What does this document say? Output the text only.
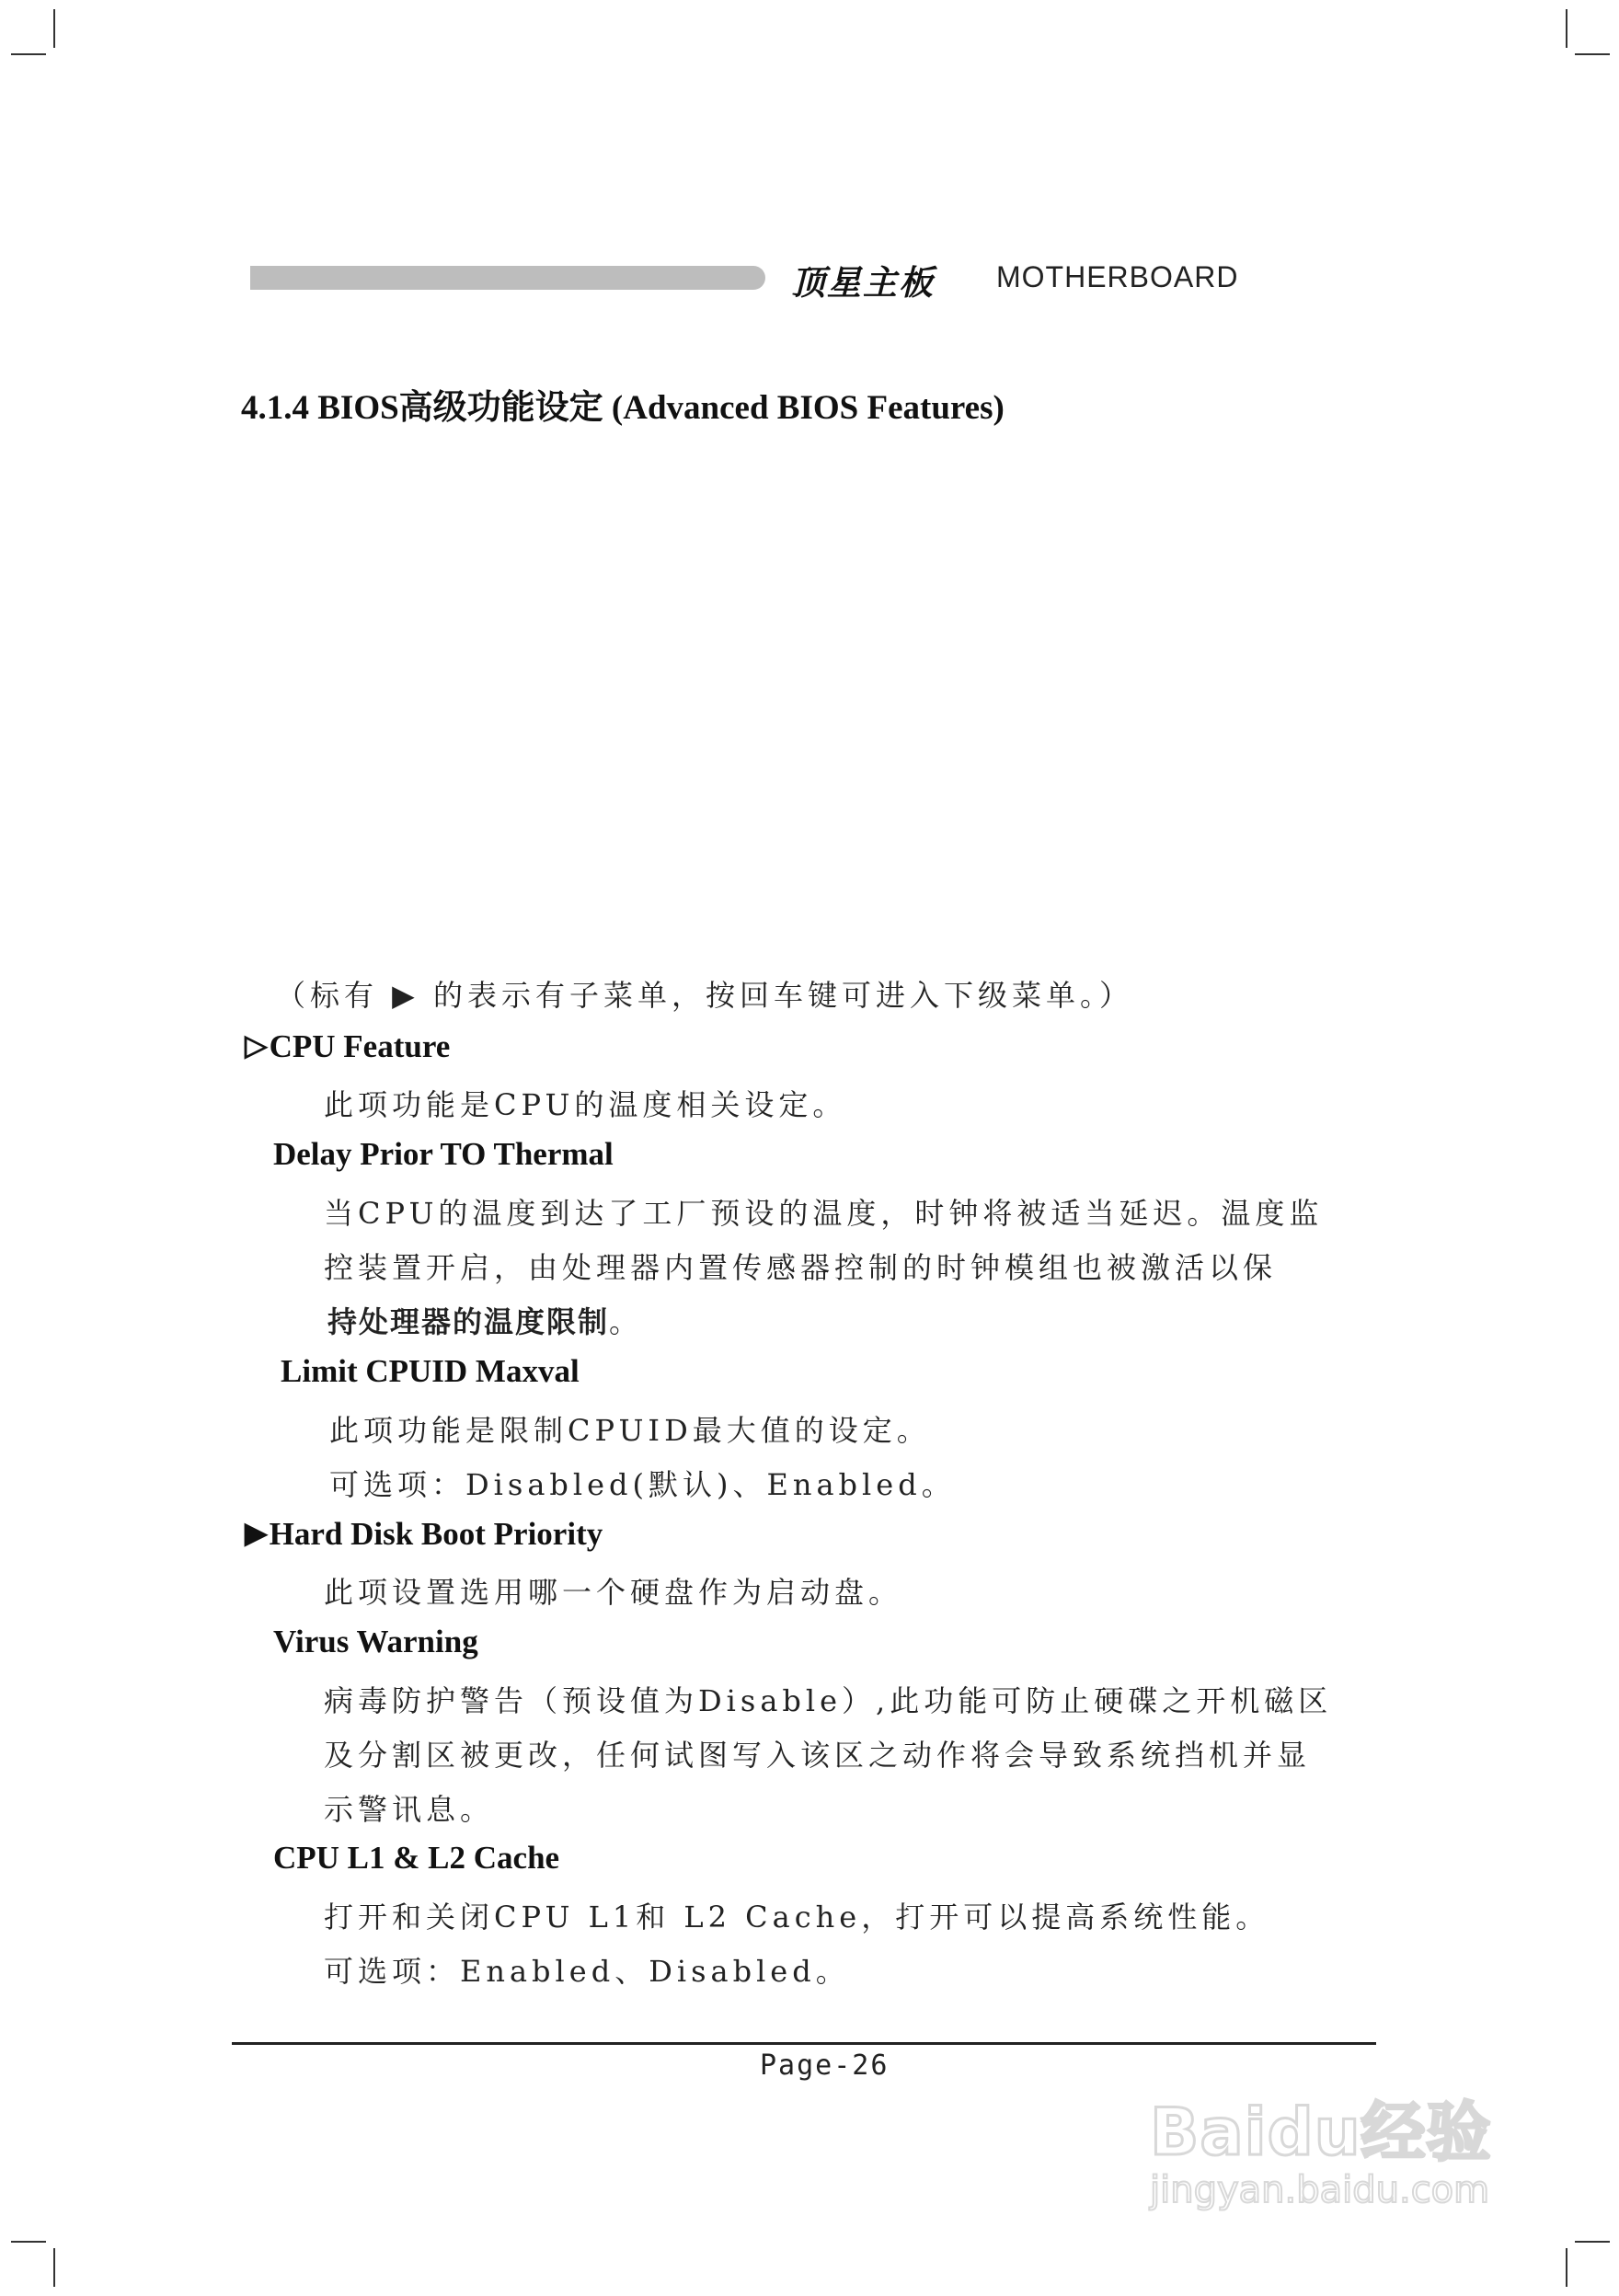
顶星主板 MOTHERBOARD
4.1.4 BIOS高级功能设定 (Advanced BIOS Features)
（标有 ▶ 的表示有子菜单，按回车键可进入下级菜单。）
▷CPU Feature
此项功能是CPU的温度相关设定。
Delay Prior TO Thermal
当CPU的温度到达了工厂预设的温度，时钟将被适当延迟。温度监
控装置开启，由处理器内置传感器控制的时钟模组也被激活以保
持处理器的温度限制。
Limit CPUID Maxval
此项功能是限制CPUID最大值的设定。
可选项：Disabled(默认)、Enabled。
▶Hard Disk Boot Priority
此项设置选用哪一个硬盘作为启动盘。
Virus Warning
病毒防护警告（预设值为Disable）,此功能可防止硬碟之开机磁区
及分割区被更改，任何试图写入该区之动作将会导致系统挡机并显
示警讯息。
CPU L1 & L2 Cache
打开和关闭CPU L1和 L2 Cache，打开可以提高系统性能。
可选项：Enabled、Disabled。
Page-26
Baidu经验
jingyan.baidu.com
